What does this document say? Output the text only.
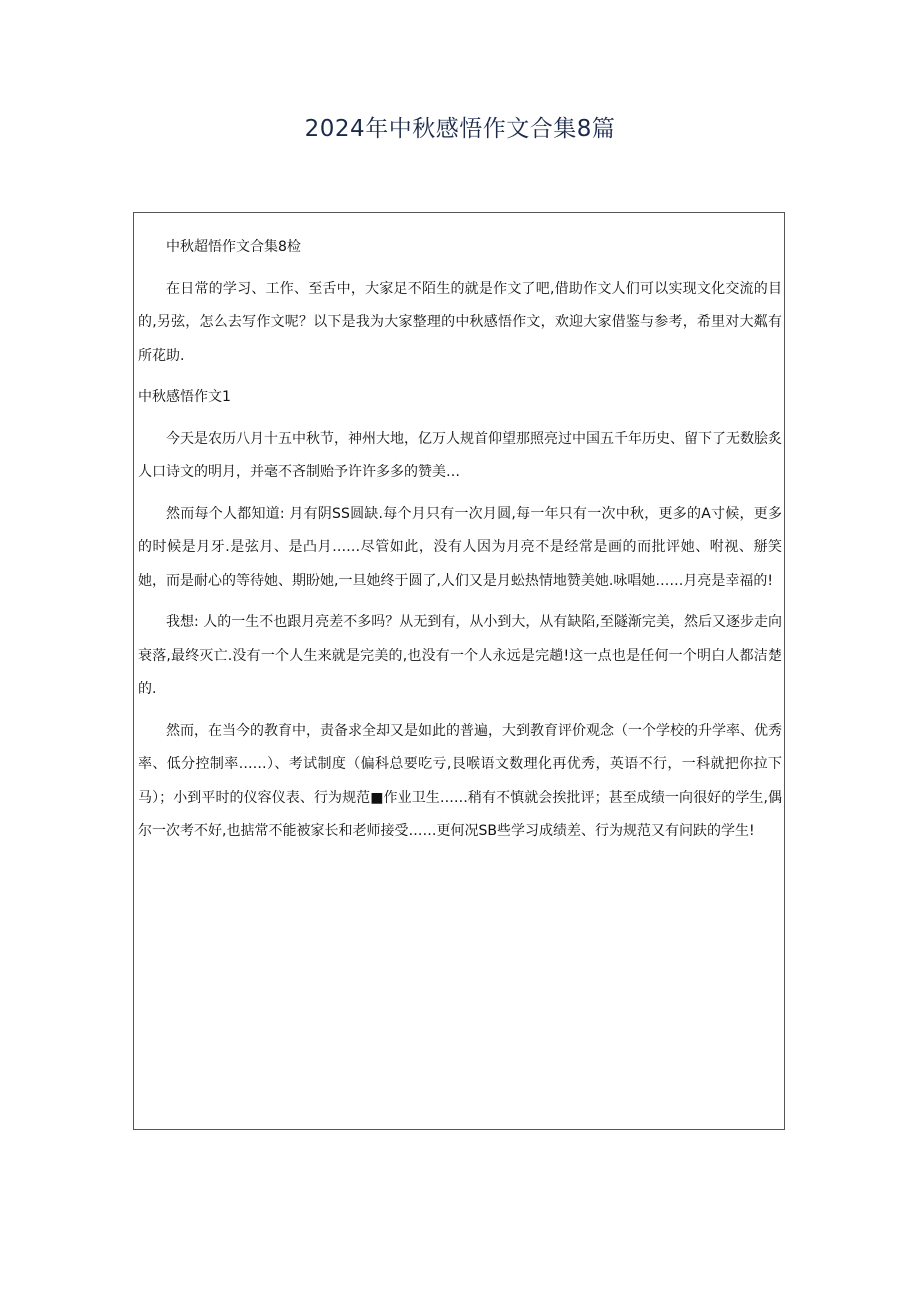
2024年中秋感悟作文合集8篇

中秋超悟作文合集8检

在日常的学习、工作、至舌中，大家足不陌生的就是作文了吧,借助作文人们可以实现文化交流的目的,另弦，怎么去写作文呢？以下是我为大家整理的中秋感悟作文，欢迎大家借鉴与参考，希里对大粼有所花助.

中秋感悟作文1

今天是农历八月十五中秋节，神州大地，亿万人规首仰望那照亮过中国五千年历史、留下了无数脍炙人口诗文的明月，并毫不吝制贻予许许多多的赞美…

然而每个人都知道: 月有阴SS圆缺.每个月只有一次月圆,每一年只有一次中秋，更多的A寸候，更多的时候是月牙.是弦月、是凸月……尽管如此，没有人因为月亮不是经常是画的而批评她、咐视、掰笑她，而是耐心的等待她、期盼她,一旦她终于圆了,人们又是月蚣热情地赞美她.咏唱她……月亮是幸福的!

我想: 人的一生不也跟月亮差不多吗？从无到有，从小到大，从有缺陷,至隧渐完美，然后又逐步走向衰落,最终灭亡.没有一个人生来就是完美的,也没有一个人永远是完趟!这一点也是任何一个明白人都洁楚的.

然而，在当今的教育中，责备求全却又是如此的普遍，大到教育评价观念（一个学校的升学率、优秀率、低分控制率……）、考试制度（偏科总要吃亏,艮喉语文数理化再优秀，英语不行，一科就把你拉下马）；小到平时的仪容仪表、行为规范■作业卫生……稍有不慎就会挨批评；甚至成绩一向很好的学生,偶尔一次考不好,也掂常不能被家长和老师接受……更何况SB些学习成绩差、行为规范又有问趺的学生!
